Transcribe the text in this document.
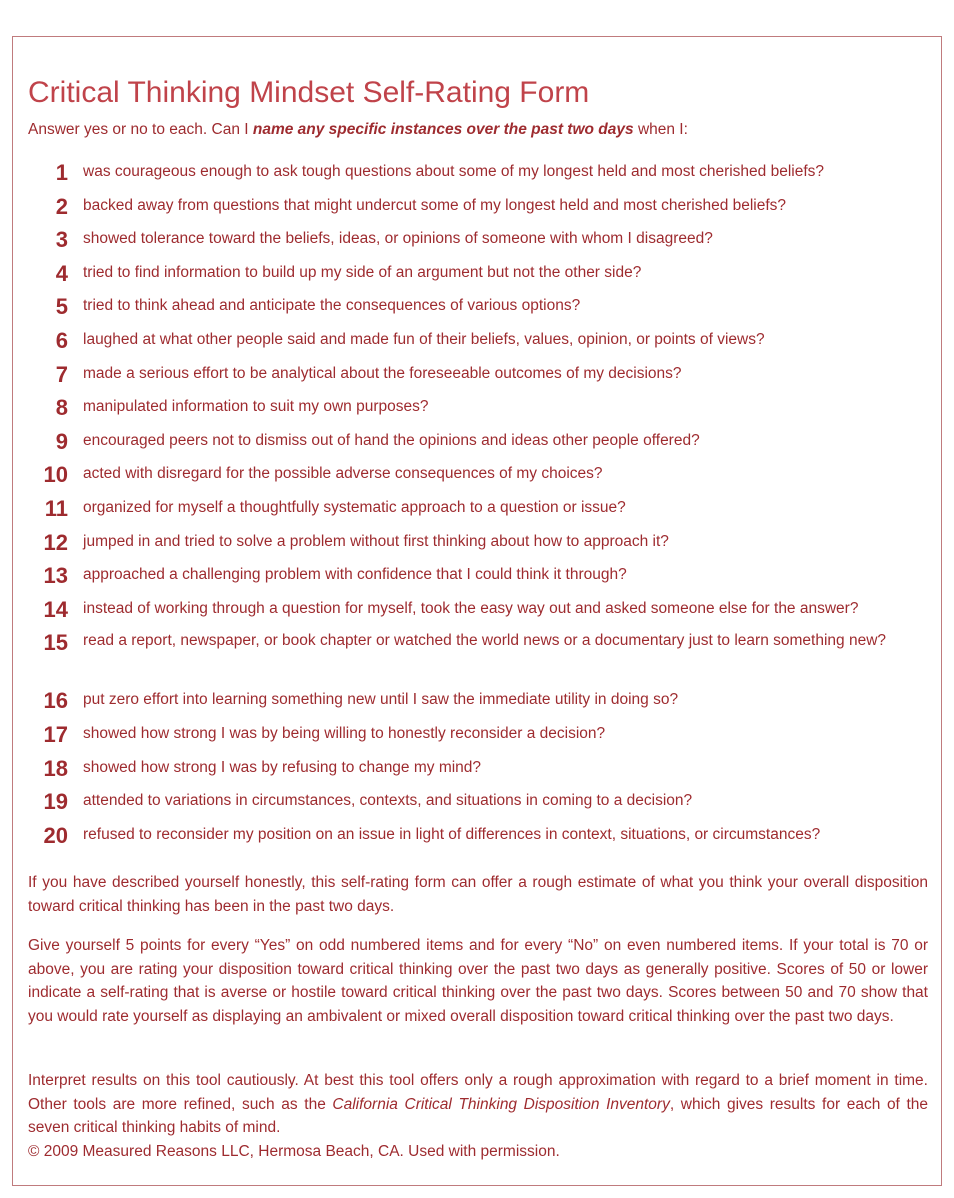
Critical Thinking Mindset Self-Rating Form
Answer yes or no to each. Can I name any specific instances over the past two days when I:
1 was courageous enough to ask tough questions about some of my longest held and most cherished beliefs?
2 backed away from questions that might undercut some of my longest held and most cherished beliefs?
3 showed tolerance toward the beliefs, ideas, or opinions of someone with whom I disagreed?
4 tried to find information to build up my side of an argument but not the other side?
5 tried to think ahead and anticipate the consequences of various options?
6 laughed at what other people said and made fun of their beliefs, values, opinion, or points of views?
7 made a serious effort to be analytical about the foreseeable outcomes of my decisions?
8 manipulated information to suit my own purposes?
9 encouraged peers not to dismiss out of hand the opinions and ideas other people offered?
10 acted with disregard for the possible adverse consequences of my choices?
11 organized for myself a thoughtfully systematic approach to a question or issue?
12 jumped in and tried to solve a problem without first thinking about how to approach it?
13 approached a challenging problem with confidence that I could think it through?
14 instead of working through a question for myself, took the easy way out and asked someone else for the answer?
15 read a report, newspaper, or book chapter or watched the world news or a documentary just to learn something new?
16 put zero effort into learning something new until I saw the immediate utility in doing so?
17 showed how strong I was by being willing to honestly reconsider a decision?
18 showed how strong I was by refusing to change my mind?
19 attended to variations in circumstances, contexts, and situations in coming to a decision?
20 refused to reconsider my position on an issue in light of differences in context, situations, or circumstances?

If you have described yourself honestly, this self-rating form can offer a rough estimate of what you think your overall disposition toward critical thinking has been in the past two days.

Give yourself 5 points for every “Yes” on odd numbered items and for every “No” on even numbered items. If your total is 70 or above, you are rating your disposition toward critical thinking over the past two days as generally positive. Scores of 50 or lower indicate a self-rating that is averse or hostile toward critical thinking over the past two days. Scores between 50 and 70 show that you would rate yourself as displaying an ambivalent or mixed overall disposition toward critical thinking over the past two days.

Interpret results on this tool cautiously. At best this tool offers only a rough approximation with regard to a brief moment in time. Other tools are more refined, such as the California Critical Thinking Disposition Inventory, which gives results for each of the seven critical thinking habits of mind.

© 2009 Measured Reasons LLC, Hermosa Beach, CA. Used with permission.
